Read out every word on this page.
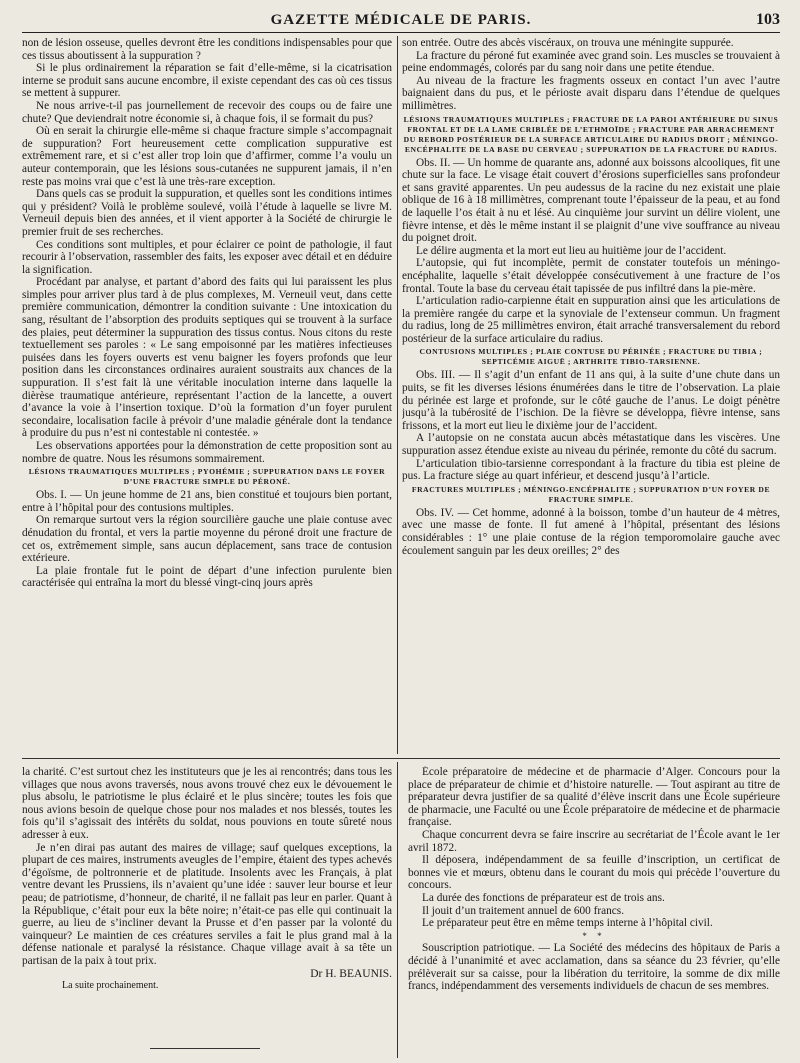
GAZETTE MÉDICALE DE PARIS.	103

non de lésion osseuse, quelles devront être les conditions indispensables pour que ces tissus aboutissent à la suppuration ?

Si le plus ordinairement la réparation se fait d’elle-même, si la cicatrisation interne se produit sans aucune encombre, il existe cependant des cas où ces tissus se mettent à suppurer.

Ne nous arrive-t-il pas journellement de recevoir des coups ou de faire une chute? Que deviendrait notre économie si, à chaque fois, il se formait du pus?

Où en serait la chirurgie elle-même si chaque fracture simple s’accompagnait de suppuration? Fort heureusement cette complication suppurative est extrêmement rare, et si c’est aller trop loin que d’affirmer, comme l’a voulu un auteur contemporain, que les lésions sous-cutanées ne suppurent jamais, il n’en reste pas moins vrai que c’est là une très-rare exception.

Dans quels cas se produit la suppuration, et quelles sont les conditions intimes qui y président? Voilà le problème soulevé, voilà l’étude à laquelle se livre M. Verneuil depuis bien des années, et il vient apporter à la Société de chirurgie le premier fruit de ses recherches.

Ces conditions sont multiples, et pour éclairer ce point de pathologie, il faut recourir à l’observation, rassembler des faits, les exposer avec détail et en déduire la signification.

Procédant par analyse, et partant d’abord des faits qui lui paraissent les plus simples pour arriver plus tard à de plus complexes, M. Verneuil veut, dans cette première communication, démontrer la condition suivante : Une intoxication du sang, résultant de l’absorption des produits septiques qui se trouvent à la surface des plaies, peut déterminer la suppuration des tissus contus. Nous citons du reste textuellement ses paroles : « Le sang empoisonné par les matières infectieuses puisées dans les foyers ouverts est venu baigner les foyers profonds que leur position dans les circonstances ordinaires auraient soustraits aux chances de la suppuration. Il s’est fait là une véritable inoculation interne dans laquelle la dièrèse traumatique antérieure, représentant l’action de la lancette, a ouvert d’avance la voie à l’insertion toxique. D’où la formation d’un foyer purulent secondaire, localisation facile à prévoir d’une maladie générale dont la tendance à produire du pus n’est ni contestable ni contestée. »

Les observations apportées pour la démonstration de cette proposition sont au nombre de quatre. Nous les résumons sommairement.

LÉSIONS TRAUMATIQUES MULTIPLES ; PYOHÉMIE ; SUPPURATION DANS LE FOYER D’UNE FRACTURE SIMPLE DU PÉRONÉ.

Obs. I. — Un jeune homme de 21 ans, bien constitué et toujours bien portant, entre à l’hôpital pour des contusions multiples.

On remarque surtout vers la région sourcilière gauche une plaie contuse avec dénudation du frontal, et vers la partie moyenne du péroné droit une fracture de cet os, extrêmement simple, sans aucun déplacement, sans trace de contusion extérieure.

La plaie frontale fut le point de départ d’une infection purulente bien caractérisée qui entraîna la mort du blessé vingt-cinq jours après

son entrée. Outre des abcès viscéraux, on trouva une méningite suppurée.

La fracture du péroné fut examinée avec grand soin. Les muscles se trouvaient à peine endommagés, colorés par du sang noir dans une petite étendue.

Au niveau de la fracture les fragments osseux en contact l’un avec l’autre baignaient dans du pus, et le périoste avait disparu dans l’étendue de quelques millimètres.

LÉSIONS TRAUMATIQUES MULTIPLES ; FRACTURE DE LA PAROI ANTÉRIEURE DU SINUS FRONTAL ET DE LA LAME CRIBLÉE DE L’ETHMOÏDE ; FRACTURE PAR ARRACHEMENT DU REBORD POSTÉRIEUR DE LA SURFACE ARTICULAIRE DU RADIUS DROIT ; MÉNINGO-ENCÉPHALITE DE LA BASE DU CERVEAU ; SUPPURATION DE LA FRACTURE DU RADIUS.

Obs. II. — Un homme de quarante ans, adonné aux boissons alcooliques, fit une chute sur la face. Le visage était couvert d’érosions superficielles sans profondeur et sans gravité apparentes. Un peu audessus de la racine du nez existait une plaie oblique de 16 à 18 millimètres, comprenant toute l’épaisseur de la peau, et au fond de laquelle l’os était à nu et lésé. Au cinquième jour survint un délire violent, une fièvre intense, et dès le même instant il se plaignit d’une vive souffrance au niveau du poignet droit.

Le délire augmenta et la mort eut lieu au huitième jour de l’accident.

L’autopsie, qui fut incomplète, permit de constater toutefois un méningo-encéphalite, laquelle s’était développée consécutivement à une fracture de l’os frontal. Toute la base du cerveau était tapissée de pus infiltré dans la pie-mère.

L’articulation radio-carpienne était en suppuration ainsi que les articulations de la première rangée du carpe et la synoviale de l’extenseur commun. Un fragment du radius, long de 25 millimètres environ, était arraché transversalement du rebord postérieur de la surface articulaire du radius.

CONTUSIONS MULTIPLES ; PLAIE CONTUSE DU PÉRINÉE ; FRACTURE DU TIBIA ; SEPTICÉMIE AIGUË ; ARTHRITE TIBIO-TARSIENNE.

Obs. III. — Il s’agit d’un enfant de 11 ans qui, à la suite d’une chute dans un puits, se fit les diverses lésions énumérées dans le titre de l’observation. La plaie du périnée est large et profonde, sur le côté gauche de l’anus. Le doigt pénètre jusqu’à la tubérosité de l’ischion. De la fièvre se développa, fièvre intense, sans frissons, et la mort eut lieu le dixième jour de l’accident.

A l’autopsie on ne constata aucun abcès métastatique dans les viscères. Une suppuration assez étendue existe au niveau du périnée, remonte du côté du sacrum.

L’articulation tibio-tarsienne correspondant à la fracture du tibia est pleine de pus. La fracture siége au quart inférieur, et descend jusqu’à l’article.

FRACTURES MULTIPLES ; MÉNINGO-ENCÉPHALITE ; SUPPURATION D’UN FOYER DE FRACTURE SIMPLE.

Obs. IV. — Cet homme, adonné à la boisson, tombe d’un hauteur de 4 mètres, avec une masse de fonte. Il fut amené à l’hôpital, présentant des lésions considérables : 1° une plaie contuse de la région temporomolaire gauche avec écoulement sanguin par les deux oreilles; 2° des

la charité. C’est surtout chez les instituteurs que je les ai rencontrés; dans tous les villages que nous avons traversés, nous avons trouvé chez eux le dévouement le plus absolu, le patriotisme le plus éclairé et le plus sincère; toutes les fois que nous avions besoin de quelque chose pour nos malades et nos blessés, toutes les fois qu’il s’agissait des intérêts du soldat, nous pouvions en toute sûreté nous adresser à eux.

Je n’en dirai pas autant des maires de village; sauf quelques exceptions, la plupart de ces maires, instruments aveugles de l’empire, étaient des types achevés d’égoïsme, de poltronnerie et de platitude. Insolents avec les Français, à plat ventre devant les Prussiens, ils n’avaient qu’une idée : sauver leur bourse et leur peau; de patriotisme, d’honneur, de charité, il ne fallait pas leur en parler. Quant à la République, c’était pour eux la bête noire; n’était-ce pas elle qui continuait la guerre, au lieu de s’incliner devant la Prusse et d’en passer par la volonté du vainqueur? Le maintien de ces créatures serviles a fait le plus grand mal à la défense nationale et paralysé la résistance. Chaque village avait à sa tête un partisan de la paix à tout prix.

Dr H. BEAUNIS.

La suite prochainement.

École préparatoire de médecine et de pharmacie d’Alger. Concours pour la place de préparateur de chimie et d’histoire naturelle. — Tout aspirant au titre de préparateur devra justifier de sa qualité d’élève inscrit dans une École supérieure de pharmacie, une Faculté ou une École préparatoire de médecine et de pharmacie française.

Chaque concurrent devra se faire inscrire au secrétariat de l’École avant le 1er avril 1872.

Il déposera, indépendamment de sa feuille d’inscription, un certificat de bonnes vie et mœurs, obtenu dans le courant du mois qui précède l’ouverture du concours.

La durée des fonctions de préparateur est de trois ans.

Il jouit d’un traitement annuel de 600 francs.

Le préparateur peut être en même temps interne à l’hôpital civil.

* *

Souscription patriotique. — La Société des médecins des hôpitaux de Paris a décidé à l’unanimité et avec acclamation, dans sa séance du 23 février, qu’elle prélèverait sur sa caisse, pour la libération du territoire, la somme de dix mille francs, indépendamment des versements individuels de chacun de ses membres.
